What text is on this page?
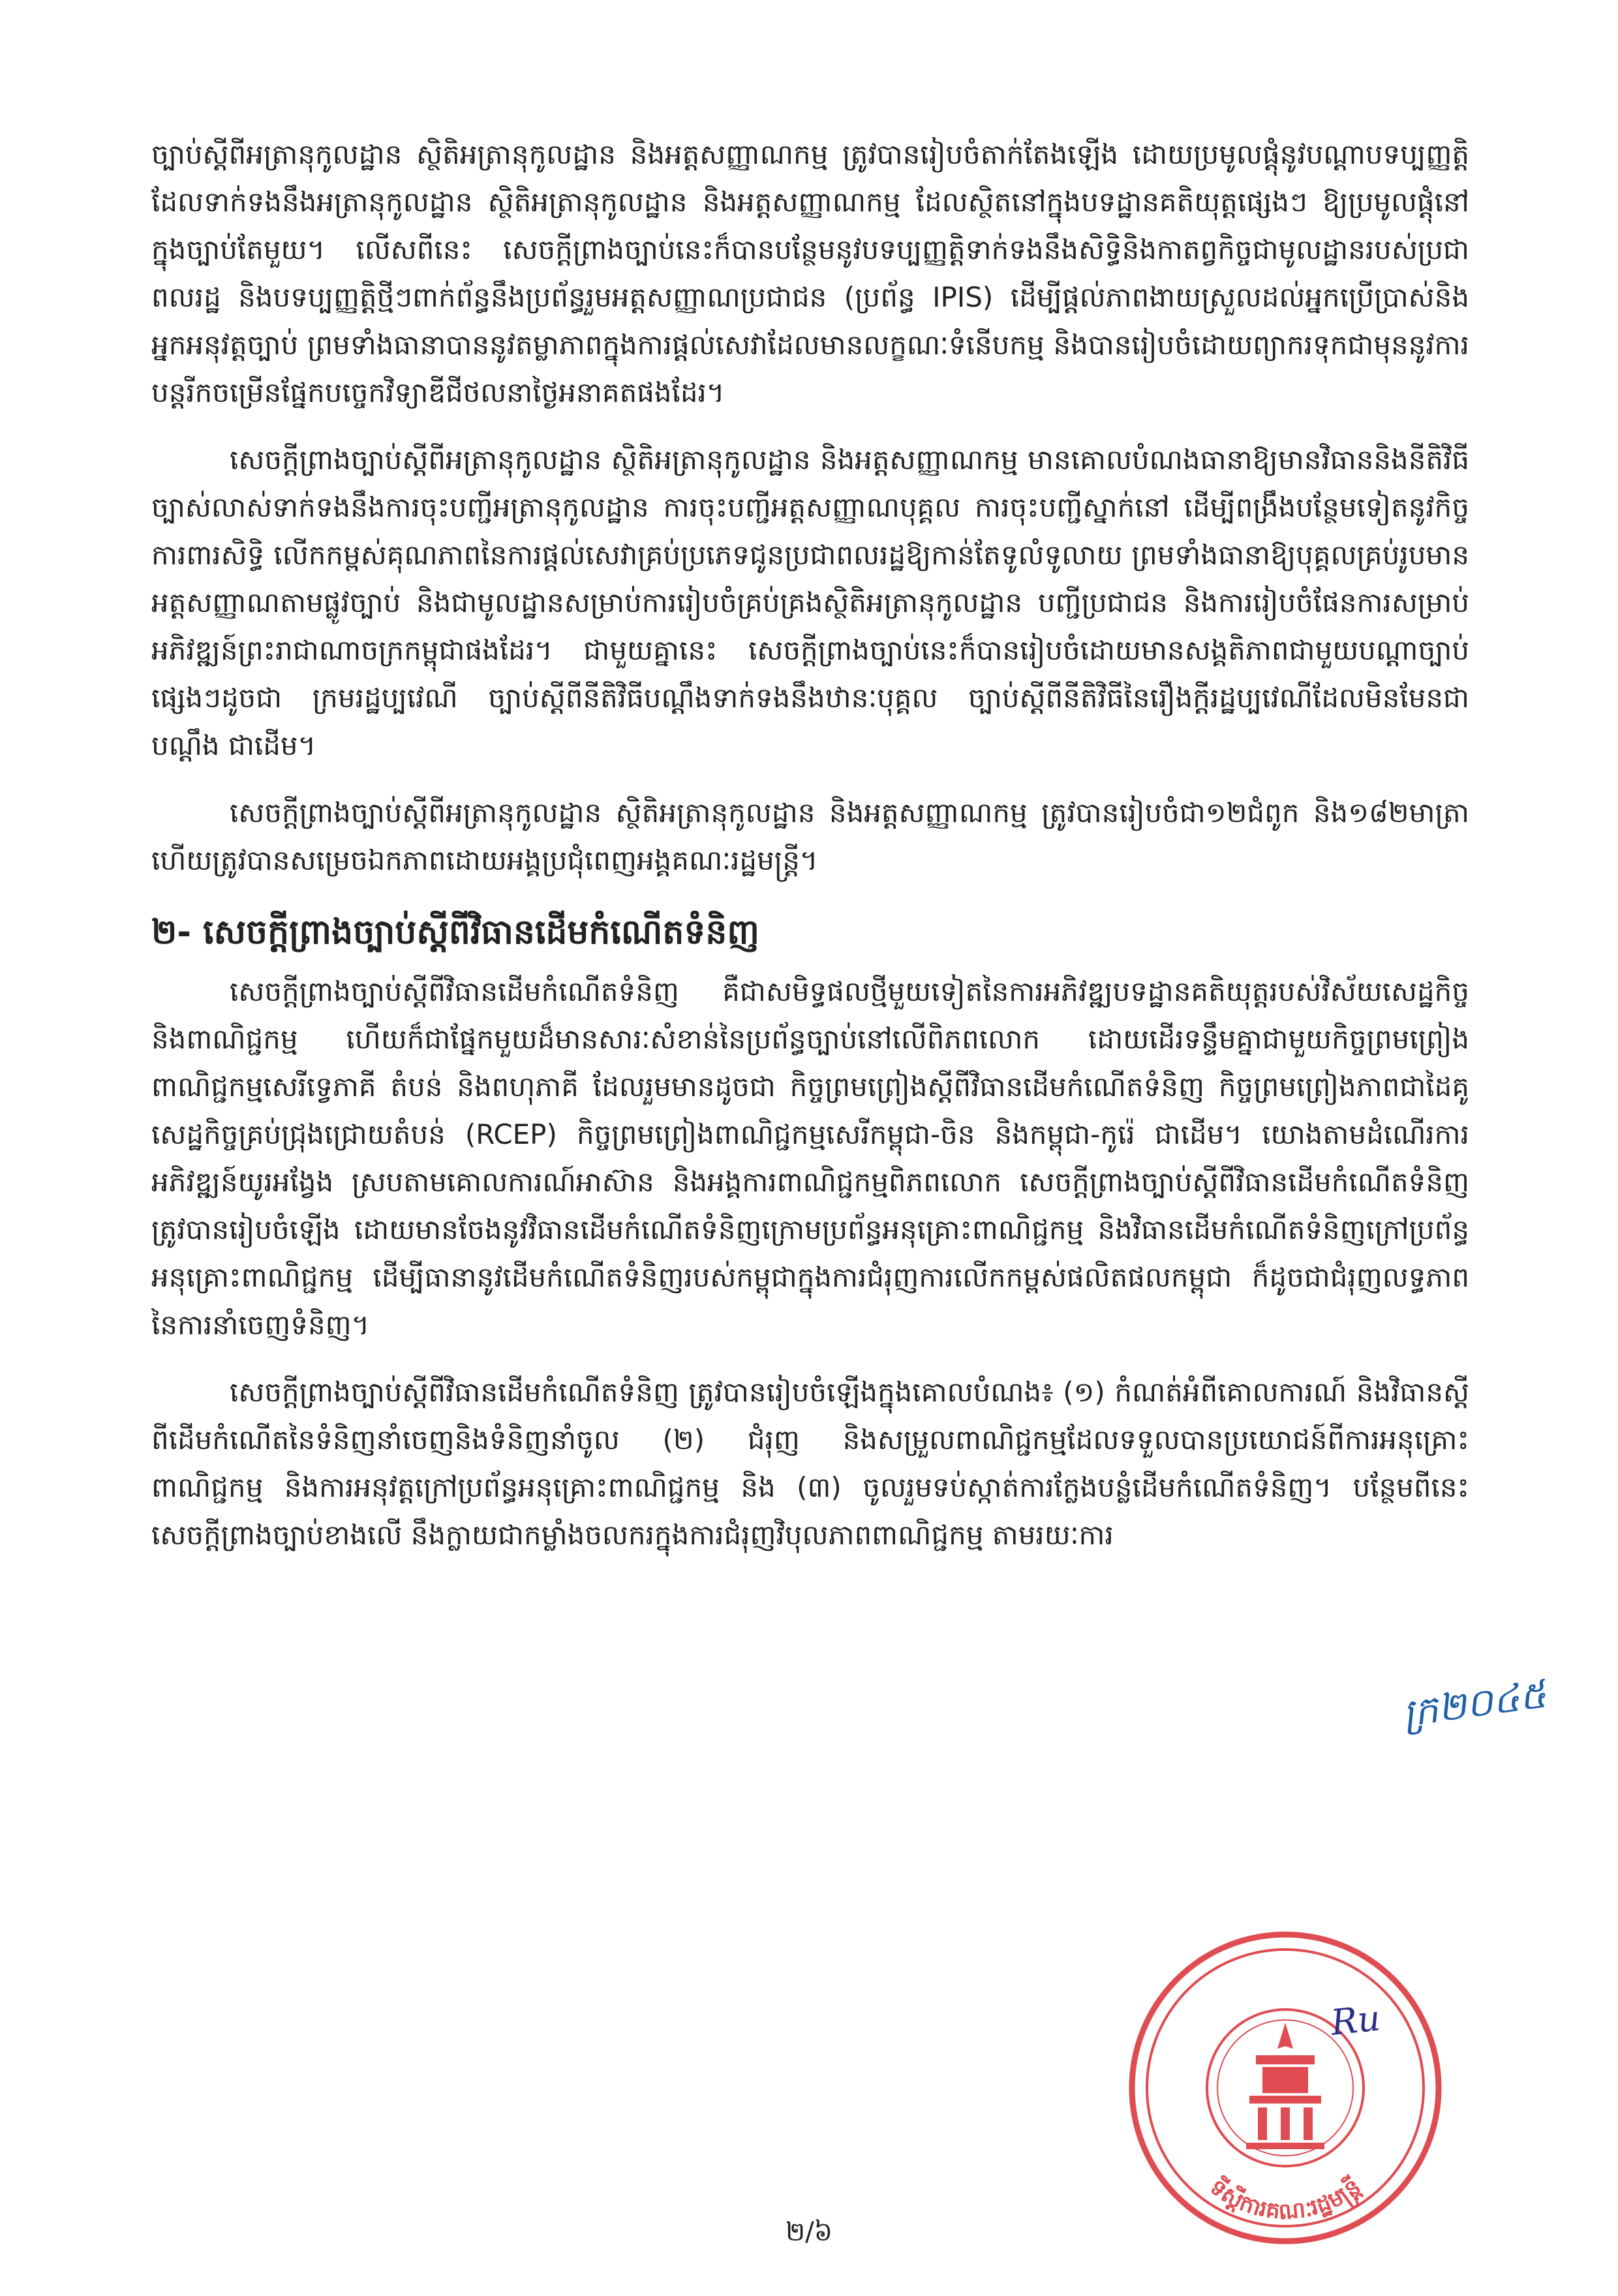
ច្បាប់ស្តីពីអត្រានុកូលដ្ឋាន ស្ថិតិអត្រានុកូលដ្ឋាន និងអត្តសញ្ញាណកម្ម ត្រូវបានរៀបចំតាក់តែងឡើង ដោយប្រមូលផ្តុំនូវបណ្តាបទប្បញ្ញត្តិដែលទាក់ទងនឹងអត្រានុកូលដ្ឋាន ស្ថិតិអត្រានុកូលដ្ឋាន និងអត្តសញ្ញាណកម្ម ដែលស្ថិតនៅក្នុងបទដ្ឋានគតិយុត្តផ្សេងៗ ឱ្យប្រមូលផ្តុំនៅក្នុងច្បាប់តែមួយ។ លើសពីនេះ សេចក្តីព្រាងច្បាប់នេះក៏បានបន្ថែមនូវបទប្បញ្ញត្តិទាក់ទងនឹងសិទ្ធិនិងកាតព្វកិច្ចជាមូលដ្ឋានរបស់ប្រជាពលរដ្ឋ និងបទប្បញ្ញត្តិថ្មីៗពាក់ព័ន្ធនឹងប្រព័ន្ធរួមអត្តសញ្ញាណប្រជាជន (ប្រព័ន្ធ IPIS) ដើម្បីផ្តល់ភាពងាយស្រួលដល់អ្នកប្រើប្រាស់និងអ្នកអនុវត្តច្បាប់ ព្រមទាំងធានាបាននូវតម្លាភាពក្នុងការផ្តល់សេវាដែលមានលក្ខណៈទំនើបកម្ម និងបានរៀបចំដោយព្យាករទុកជាមុននូវការបន្តរីកចម្រើនផ្នែកបច្ចេកវិទ្យាឌីជីថលនាថ្ងៃអនាគតផងដែរ។

សេចក្តីព្រាងច្បាប់ស្តីពីអត្រានុកូលដ្ឋាន ស្ថិតិអត្រានុកូលដ្ឋាន និងអត្តសញ្ញាណកម្ម មានគោលបំណងធានាឱ្យមានវិធាននិងនីតិវិធីច្បាស់លាស់ទាក់ទងនឹងការចុះបញ្ជីអត្រានុកូលដ្ឋាន ការចុះបញ្ជីអត្តសញ្ញាណបុគ្គល ការចុះបញ្ជីស្នាក់នៅ ដើម្បីពង្រឹងបន្ថែមទៀតនូវកិច្ចការពារសិទ្ធិ លើកកម្ពស់គុណភាពនៃការផ្តល់សេវាគ្រប់ប្រភេទជូនប្រជាពលរដ្ឋឱ្យកាន់តែទូលំទូលាយ ព្រមទាំងធានាឱ្យបុគ្គលគ្រប់រូបមានអត្តសញ្ញាណតាមផ្លូវច្បាប់ និងជាមូលដ្ឋានសម្រាប់ការរៀបចំគ្រប់គ្រងស្ថិតិអត្រានុកូលដ្ឋាន បញ្ជីប្រជាជន និងការរៀបចំផែនការសម្រាប់អភិវឌ្ឍន៍ព្រះរាជាណាចក្រកម្ពុជាផងដែរ។ ជាមួយគ្នានេះ សេចក្តីព្រាងច្បាប់នេះក៏បានរៀបចំដោយមានសង្គតិភាពជាមួយបណ្តាច្បាប់ផ្សេងៗដូចជា ក្រមរដ្ឋប្បវេណី ច្បាប់ស្តីពីនីតិវិធីបណ្តឹងទាក់ទងនឹងឋានៈបុគ្គល ច្បាប់ស្តីពីនីតិវិធីនៃរឿងក្តីរដ្ឋប្បវេណីដែលមិនមែនជាបណ្តឹង ជាដើម។

សេចក្តីព្រាងច្បាប់ស្តីពីអត្រានុកូលដ្ឋាន ស្ថិតិអត្រានុកូលដ្ឋាន និងអត្តសញ្ញាណកម្ម ត្រូវបានរៀបចំជា១២ជំពូក និង១៨២មាត្រា ហើយត្រូវបានសម្រេចឯកភាពដោយអង្គប្រជុំពេញអង្គគណៈរដ្ឋមន្ត្រី។

២- សេចក្តីព្រាងច្បាប់ស្តីពីវិធានដើមកំណើតទំនិញ

សេចក្តីព្រាងច្បាប់ស្តីពីវិធានដើមកំណើតទំនិញ គឺជាសមិទ្ធផលថ្មីមួយទៀតនៃការអភិវឌ្ឍបទដ្ឋានគតិយុត្តរបស់វិស័យសេដ្ឋកិច្ចនិងពាណិជ្ជកម្ម ហើយក៏ជាផ្នែកមួយដ៏មានសារៈសំខាន់នៃប្រព័ន្ធច្បាប់នៅលើពិភពលោក ដោយដើរទន្ទឹមគ្នាជាមួយកិច្ចព្រមព្រៀងពាណិជ្ជកម្មសេរីទ្វេភាគី តំបន់ និងពហុភាគី ដែលរួមមានដូចជា កិច្ចព្រមព្រៀងស្តីពីវិធានដើមកំណើតទំនិញ កិច្ចព្រមព្រៀងភាពជាដៃគូសេដ្ឋកិច្ចគ្រប់ជ្រុងជ្រោយតំបន់ (RCEP) កិច្ចព្រមព្រៀងពាណិជ្ជកម្មសេរីកម្ពុជា-ចិន និងកម្ពុជា-កូរ៉េ ជាដើម។ យោងតាមដំណើរការអភិវឌ្ឍន៍យូរអង្វែង ស្របតាមគោលការណ៍អាស៊ាន និងអង្គការពាណិជ្ជកម្មពិភពលោក សេចក្តីព្រាងច្បាប់ស្តីពីវិធានដើមកំណើតទំនិញ ត្រូវបានរៀបចំឡើង ដោយមានចែងនូវវិធានដើមកំណើតទំនិញក្រោមប្រព័ន្ធអនុគ្រោះពាណិជ្ជកម្ម និងវិធានដើមកំណើតទំនិញក្រៅប្រព័ន្ធអនុគ្រោះពាណិជ្ជកម្ម ដើម្បីធានានូវដើមកំណើតទំនិញរបស់កម្ពុជាក្នុងការជំរុញការលើកកម្ពស់ផលិតផលកម្ពុជា ក៏ដូចជាជំរុញលទ្ធភាពនៃការនាំចេញទំនិញ។

សេចក្តីព្រាងច្បាប់ស្តីពីវិធានដើមកំណើតទំនិញ ត្រូវបានរៀបចំឡើងក្នុងគោលបំណង៖ (១) កំណត់អំពីគោលការណ៍ និងវិធានស្តីពីដើមកំណើតនៃទំនិញនាំចេញនិងទំនិញនាំចូល (២) ជំរុញ និងសម្រួលពាណិជ្ជកម្មដែលទទួលបានប្រយោជន៍ពីការអនុគ្រោះពាណិជ្ជកម្ម និងការអនុវត្តក្រៅប្រព័ន្ធអនុគ្រោះពាណិជ្ជកម្ម និង (៣) ចូលរួមទប់ស្កាត់ការក្លែងបន្លំដើមកំណើតទំនិញ។ បន្ថែមពីនេះ សេចក្តីព្រាងច្បាប់ខាងលើ នឹងក្លាយជាកម្លាំងចលករក្នុងការជំរុញវិបុលភាពពាណិជ្ជកម្ម តាមរយៈការ

ទីស្តីការគណៈរដ្ឋមន្ត្រី
ក្រ២០៤៥
Ru
២/៦
